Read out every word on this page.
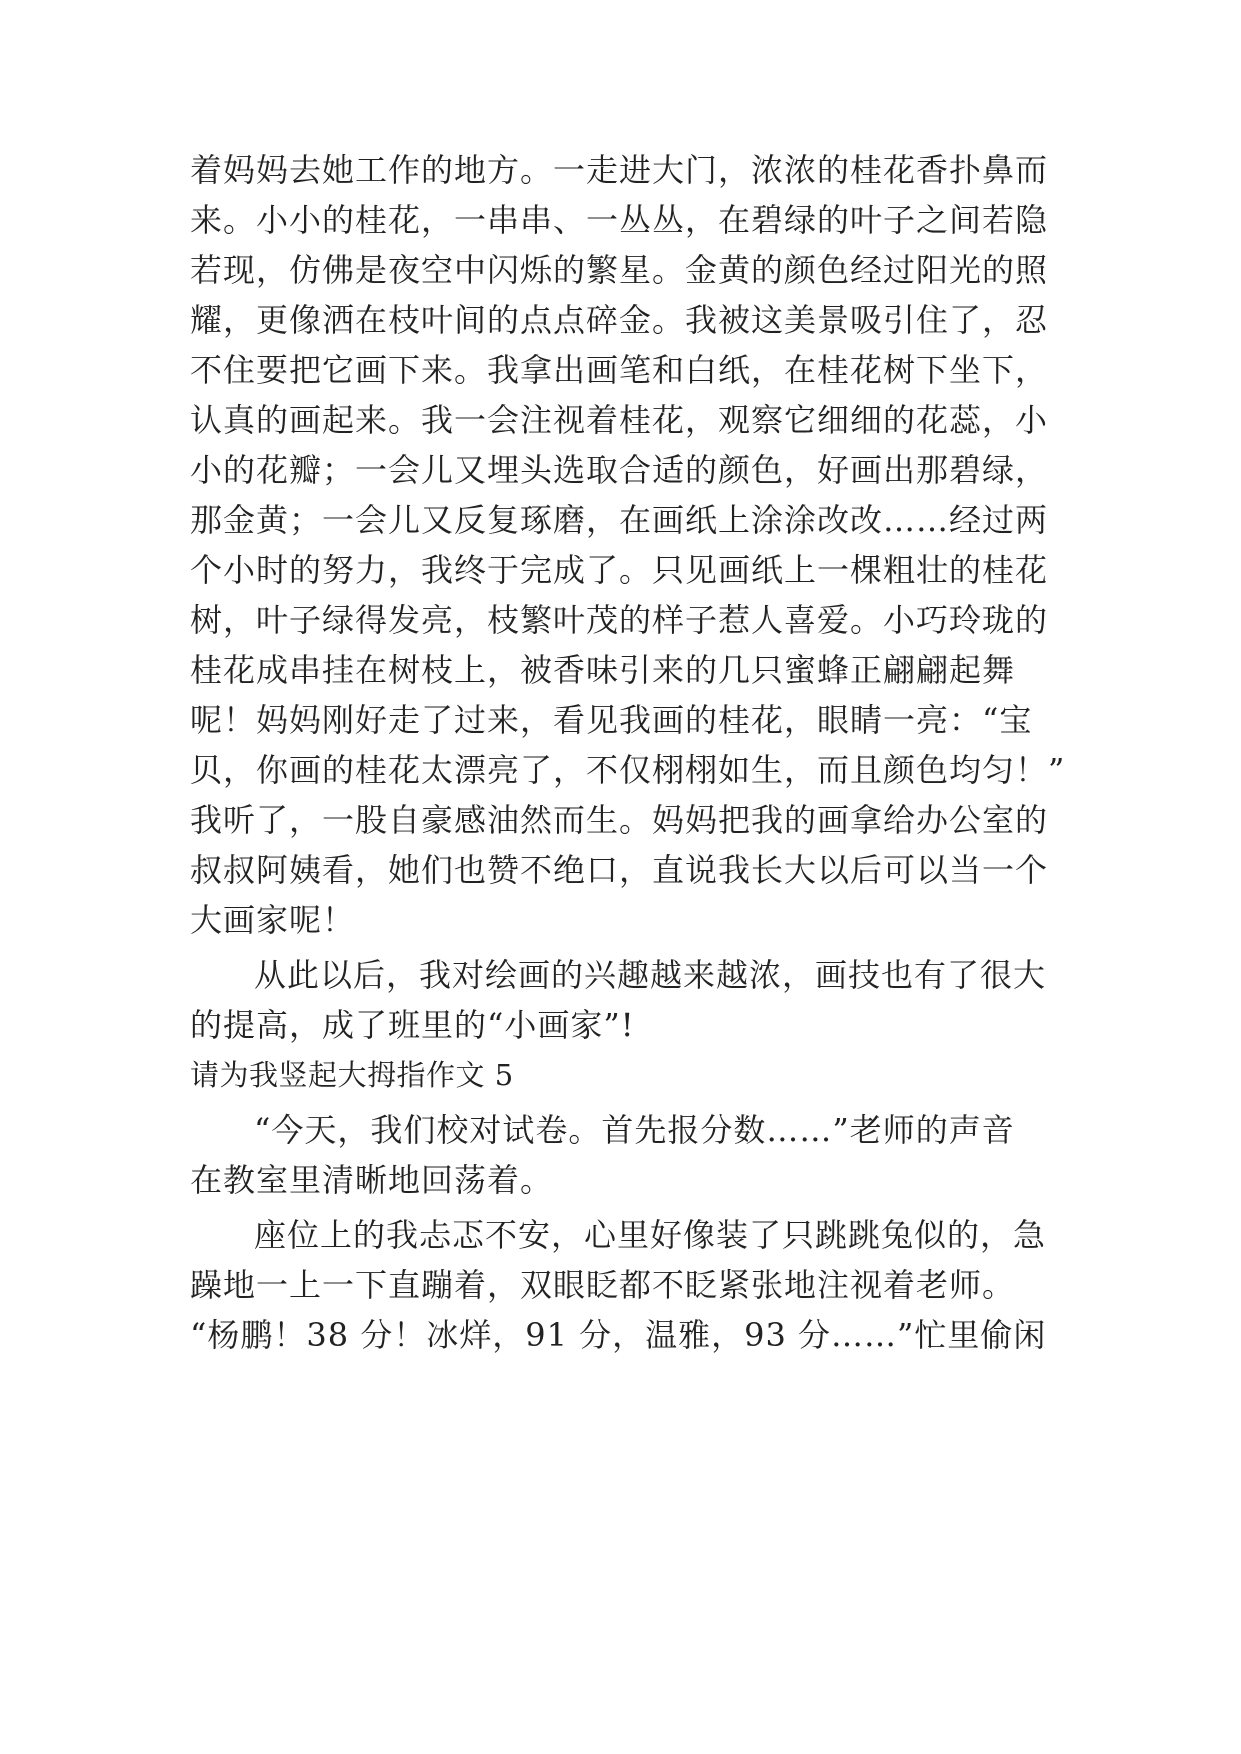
着妈妈去她工作的地方。一走进大门，浓浓的桂花香扑鼻而
来。小小的桂花，一串串、一丛丛，在碧绿的叶子之间若隐
若现，仿佛是夜空中闪烁的繁星。金黄的颜色经过阳光的照
耀，更像洒在枝叶间的点点碎金。我被这美景吸引住了，忍
不住要把它画下来。我拿出画笔和白纸，在桂花树下坐下，
认真的画起来。我一会注视着桂花，观察它细细的花蕊，小
小的花瓣；一会儿又埋头选取合适的颜色，好画出那碧绿，
那金黄；一会儿又反复琢磨，在画纸上涂涂改改……经过两
个小时的努力，我终于完成了。只见画纸上一棵粗壮的桂花
树，叶子绿得发亮，枝繁叶茂的样子惹人喜爱。小巧玲珑的
桂花成串挂在树枝上，被香味引来的几只蜜蜂正翩翩起舞
呢！妈妈刚好走了过来，看见我画的桂花，眼睛一亮：“宝
贝，你画的桂花太漂亮了，不仅栩栩如生，而且颜色均匀！”
我听了，一股自豪感油然而生。妈妈把我的画拿给办公室的
叔叔阿姨看，她们也赞不绝口，直说我长大以后可以当一个
大画家呢！
从此以后，我对绘画的兴趣越来越浓，画技也有了很大
的提高，成了班里的“小画家”!
请为我竖起大拇指作文 5
“今天，我们校对试卷。首先报分数……”老师的声音
在教室里清晰地回荡着。
座位上的我忐忑不安，心里好像装了只跳跳兔似的，急
躁地一上一下直蹦着，双眼眨都不眨紧张地注视着老师。
“杨鹏！38 分！冰烊，91 分，温雅，93 分……”忙里偷闲
